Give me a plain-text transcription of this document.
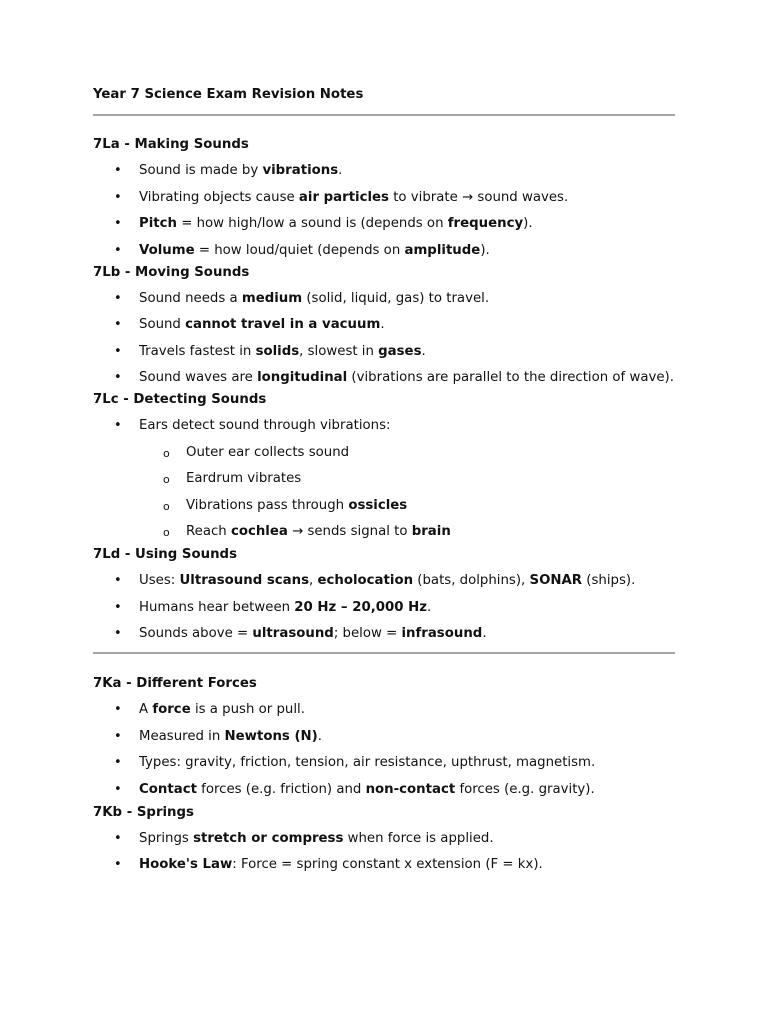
Year 7 Science Exam Revision Notes
7La - Making Sounds
• Sound is made by vibrations.
• Vibrating objects cause air particles to vibrate → sound waves.
• Pitch = how high/low a sound is (depends on frequency).
• Volume = how loud/quiet (depends on amplitude).
7Lb - Moving Sounds
• Sound needs a medium (solid, liquid, gas) to travel.
• Sound cannot travel in a vacuum.
• Travels fastest in solids, slowest in gases.
• Sound waves are longitudinal (vibrations are parallel to the direction of wave).
7Lc - Detecting Sounds
• Ears detect sound through vibrations:
o Outer ear collects sound
o Eardrum vibrates
o Vibrations pass through ossicles
o Reach cochlea → sends signal to brain
7Ld - Using Sounds
• Uses: Ultrasound scans, echolocation (bats, dolphins), SONAR (ships).
• Humans hear between 20 Hz – 20,000 Hz.
• Sounds above = ultrasound; below = infrasound.
7Ka - Different Forces
• A force is a push or pull.
• Measured in Newtons (N).
• Types: gravity, friction, tension, air resistance, upthrust, magnetism.
• Contact forces (e.g. friction) and non-contact forces (e.g. gravity).
7Kb - Springs
• Springs stretch or compress when force is applied.
• Hooke's Law: Force = spring constant x extension (F = kx).
